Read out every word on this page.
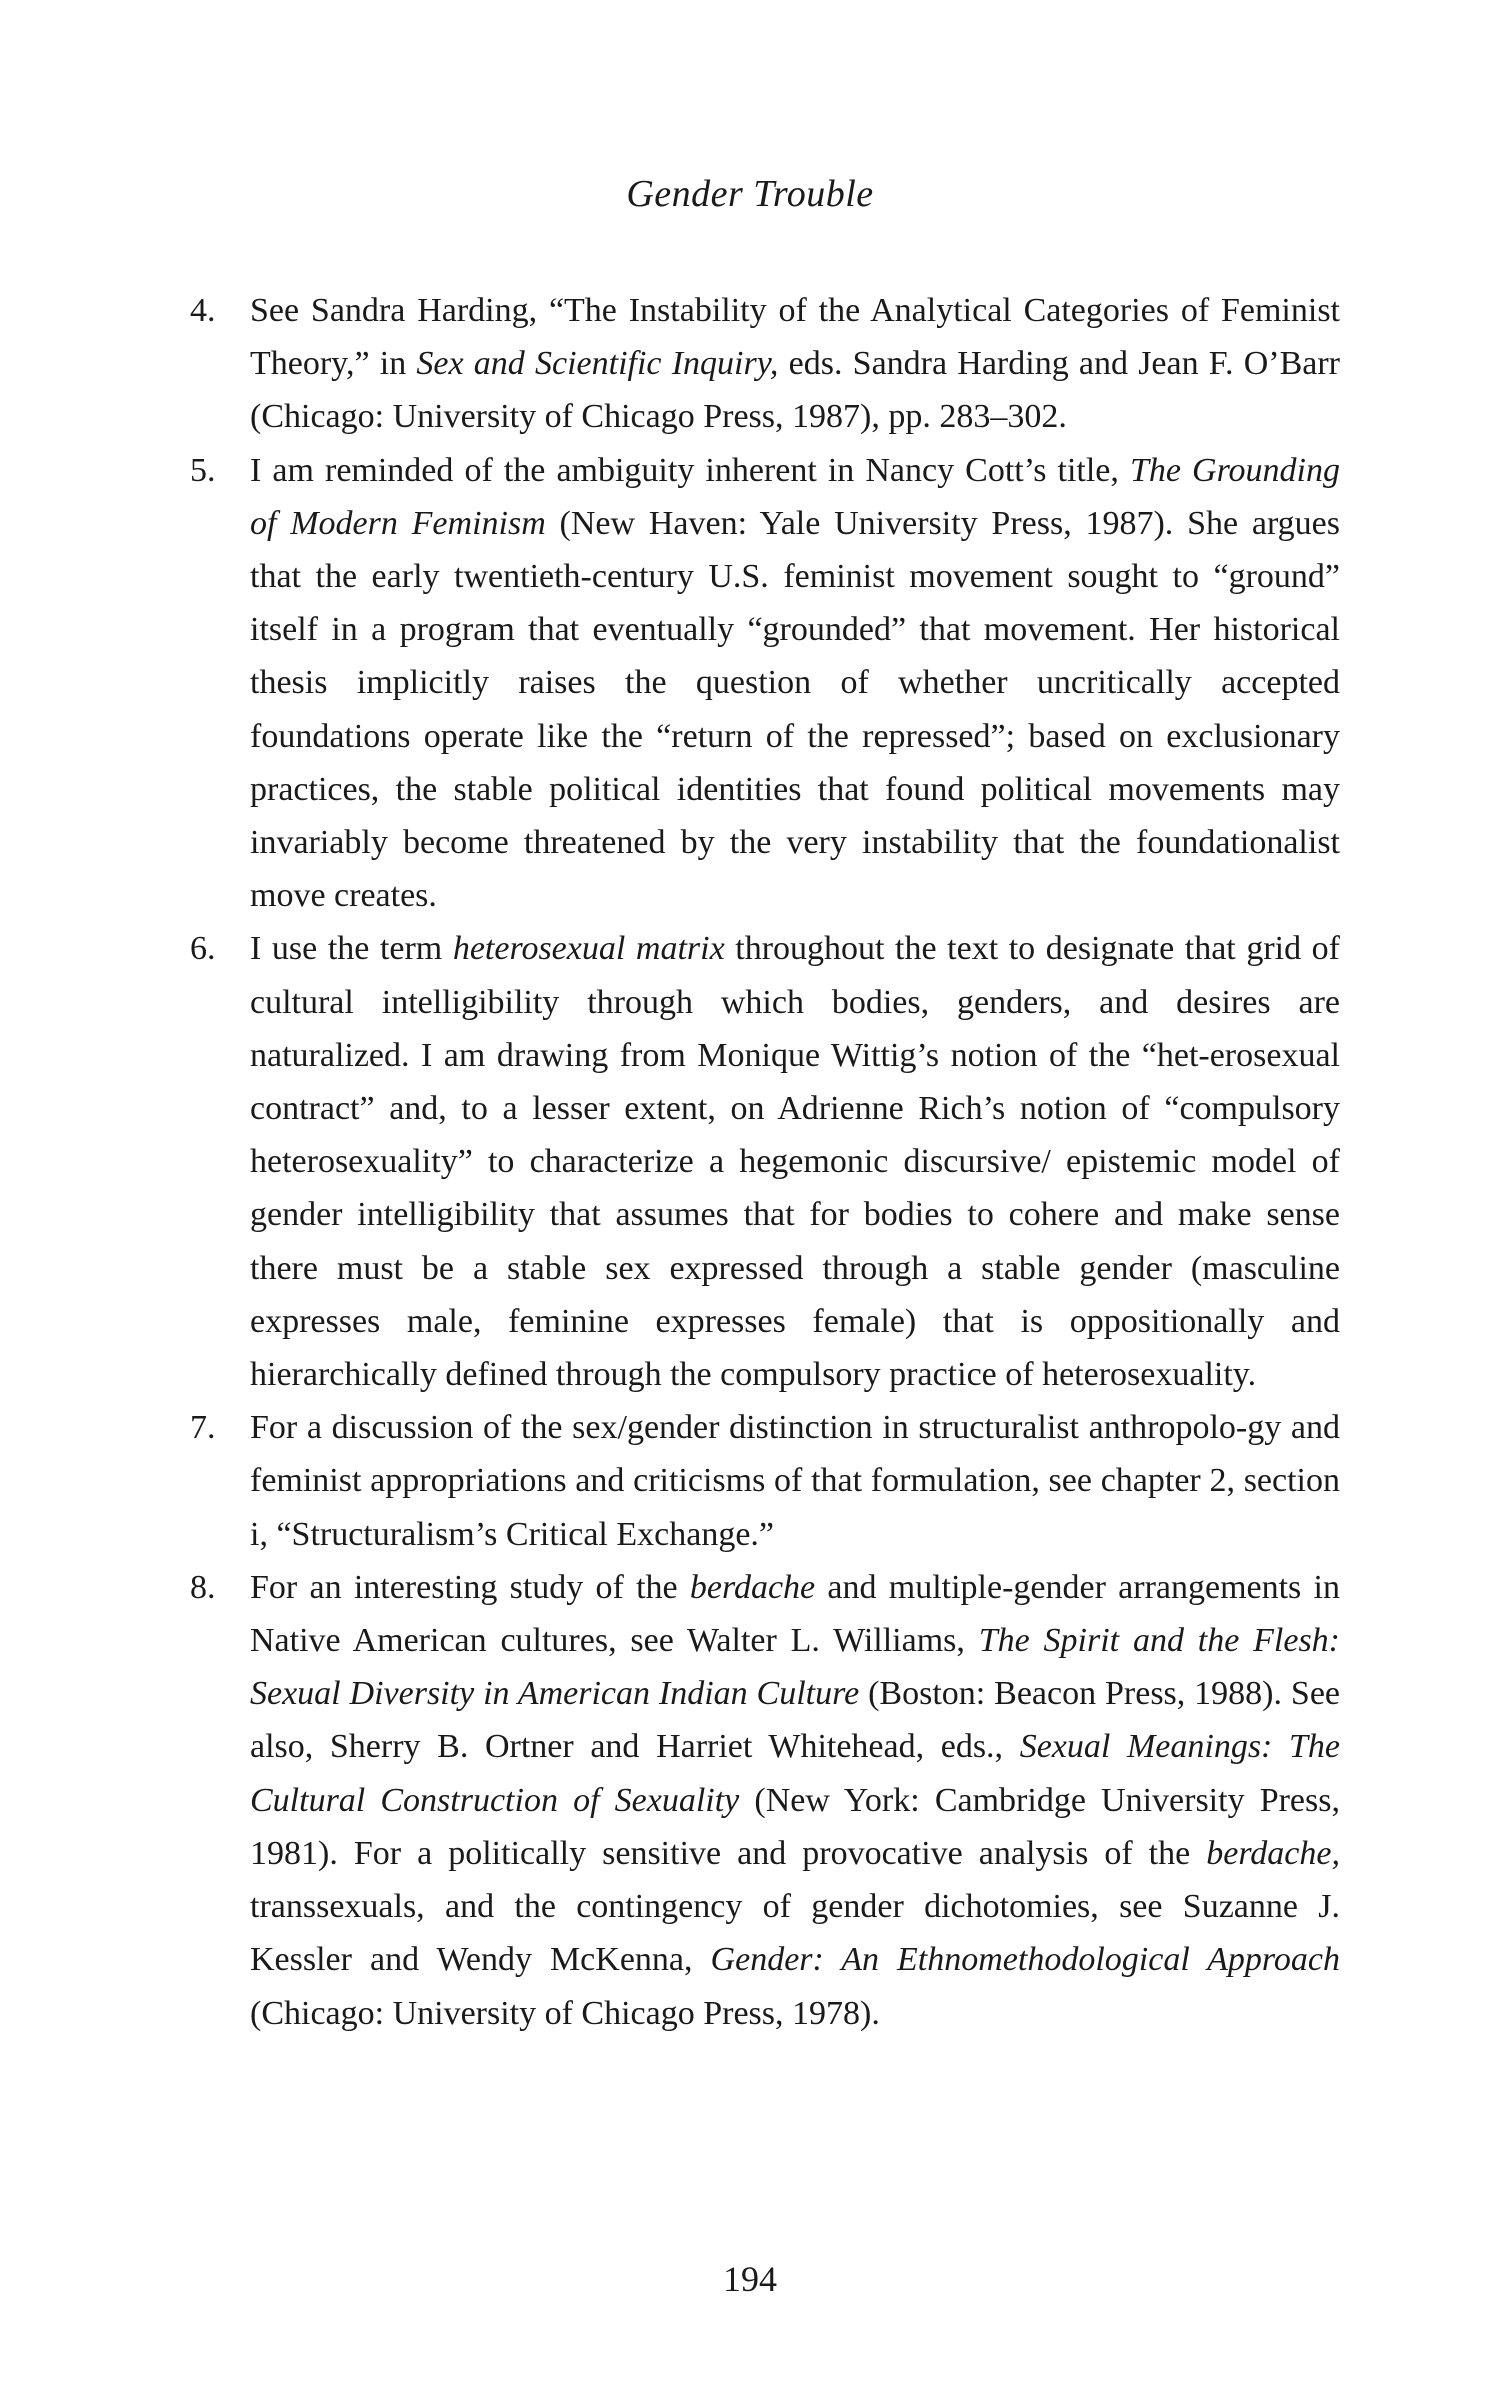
Gender Trouble
4.	See Sandra Harding, “The Instability of the Analytical Categories of Feminist Theory,” in Sex and Scientific Inquiry, eds. Sandra Harding and Jean F. O’Barr (Chicago: University of Chicago Press, 1987), pp. 283–302.
5.	I am reminded of the ambiguity inherent in Nancy Cott’s title, The Grounding of Modern Feminism (New Haven: Yale University Press, 1987). She argues that the early twentieth-century U.S. feminist movement sought to “ground” itself in a program that eventually “grounded” that movement. Her historical thesis implicitly raises the question of whether uncritically accepted foundations operate like the “return of the repressed”; based on exclusionary practices, the stable political identities that found political movements may invariably become threatened by the very instability that the foundationalist move creates.
6.	I use the term heterosexual matrix throughout the text to designate that grid of cultural intelligibility through which bodies, genders, and desires are naturalized. I am drawing from Monique Wittig’s notion of the “het-erosexual contract” and, to a lesser extent, on Adrienne Rich’s notion of “compulsory heterosexuality” to characterize a hegemonic discursive/ epistemic model of gender intelligibility that assumes that for bodies to cohere and make sense there must be a stable sex expressed through a stable gender (masculine expresses male, feminine expresses female) that is oppositionally and hierarchically defined through the compulsory practice of heterosexuality.
7.	For a discussion of the sex/gender distinction in structuralist anthropolo-gy and feminist appropriations and criticisms of that formulation, see chapter 2, section i, “Structuralism’s Critical Exchange.”
8.	For an interesting study of the berdache and multiple-gender arrangements in Native American cultures, see Walter L. Williams, The Spirit and the Flesh: Sexual Diversity in American Indian Culture (Boston: Beacon Press, 1988). See also, Sherry B. Ortner and Harriet Whitehead, eds., Sexual Meanings: The Cultural Construction of Sexuality (New York: Cambridge University Press, 1981). For a politically sensitive and provocative analysis of the berdache, transsexuals, and the contingency of gender dichotomies, see Suzanne J. Kessler and Wendy McKenna, Gender: An Ethnomethodological Approach (Chicago: University of Chicago Press, 1978).
194
